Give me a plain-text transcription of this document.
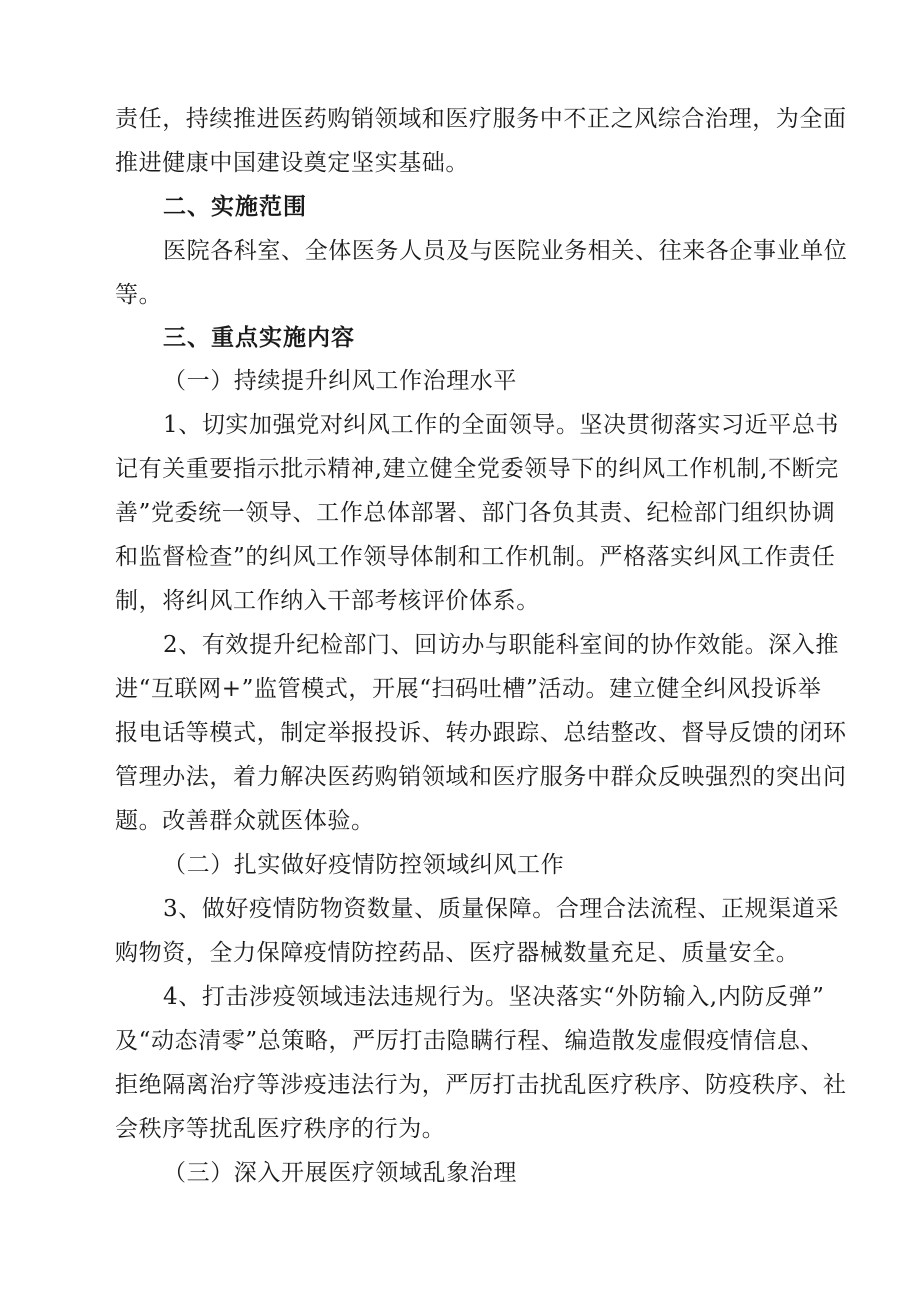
责任，持续推进医药购销领域和医疗服务中不正之风综合治理，为全面
推进健康中国建设奠定坚实基础。
二、实施范围
医院各科室、全体医务人员及与医院业务相关、往来各企事业单位
等。
三、重点实施内容
（一）持续提升纠风工作治理水平
1、切实加强党对纠风工作的全面领导。坚决贯彻落实习近平总书
记有关重要指示批示精神,建立健全党委领导下的纠风工作机制,不断完
善”党委统一领导、工作总体部署、部门各负其责、纪检部门组织协调
和监督检查”的纠风工作领导体制和工作机制。严格落实纠风工作责任
制，将纠风工作纳入干部考核评价体系。
2、有效提升纪检部门、回访办与职能科室间的协作效能。深入推
进“互联网+”监管模式，开展“扫码吐槽”活动。建立健全纠风投诉举
报电话等模式，制定举报投诉、转办跟踪、总结整改、督导反馈的闭环
管理办法，着力解决医药购销领域和医疗服务中群众反映强烈的突出问
题。改善群众就医体验。
（二）扎实做好疫情防控领域纠风工作
3、做好疫情防物资数量、质量保障。合理合法流程、正规渠道采
购物资，全力保障疫情防控药品、医疗器械数量充足、质量安全。
4、打击涉疫领域违法违规行为。坚决落实“外防输入,内防反弹”
及“动态清零”总策略，严厉打击隐瞒行程、编造散发虚假疫情信息、
拒绝隔离治疗等涉疫违法行为，严厉打击扰乱医疗秩序、防疫秩序、社
会秩序等扰乱医疗秩序的行为。
（三）深入开展医疗领域乱象治理
